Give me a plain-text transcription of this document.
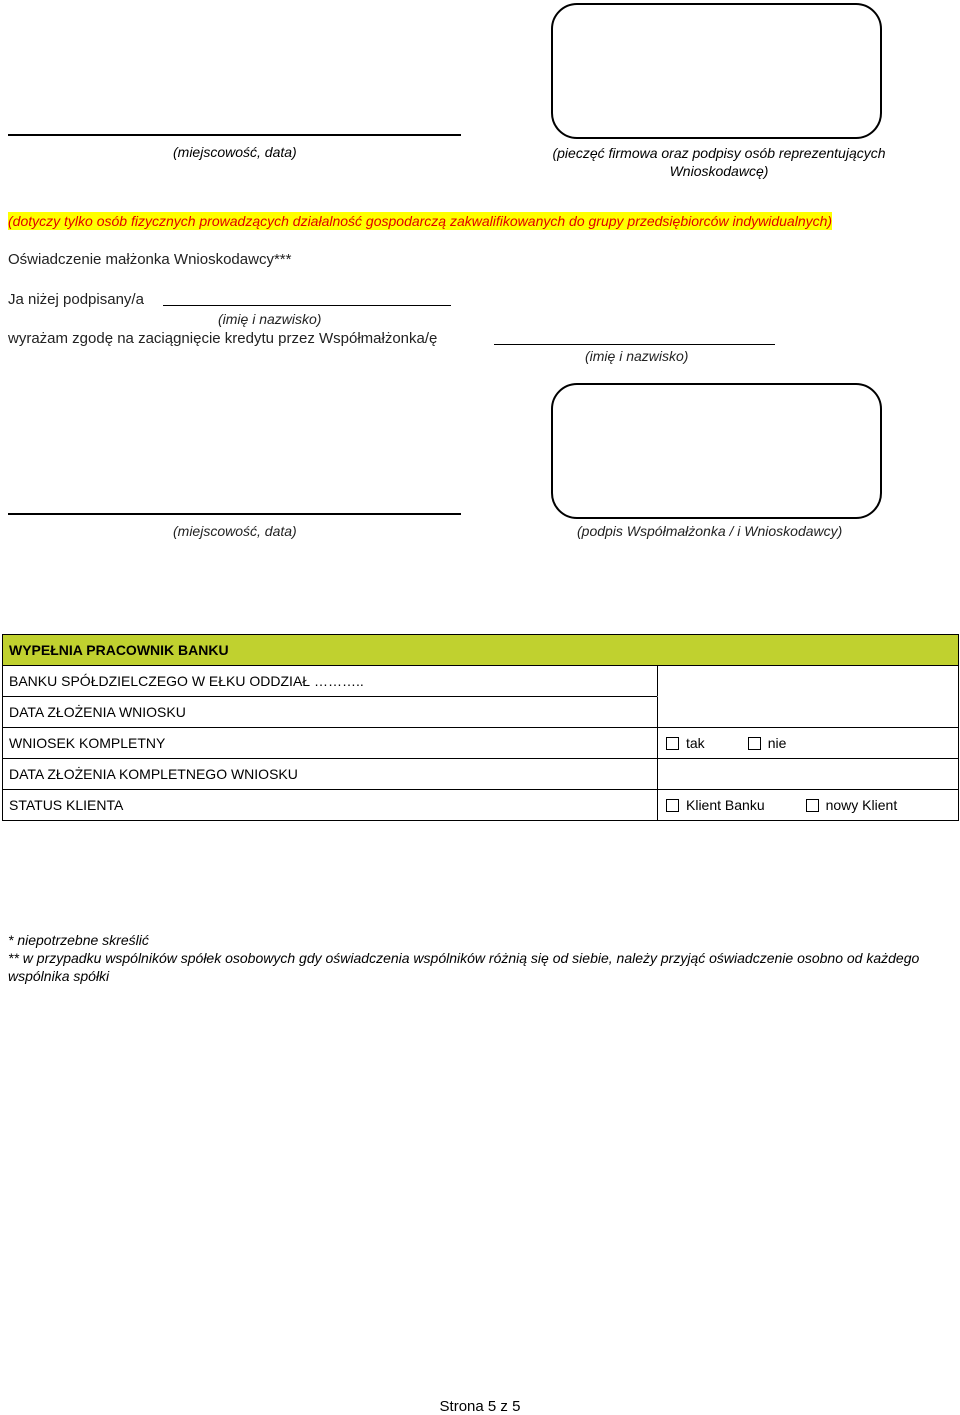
(miejscowość, data)	(pieczęć firmowa oraz podpisy osób reprezentujących Wnioskodawcę)
(dotyczy tylko osób fizycznych prowadzących działalność gospodarczą zakwalifikowanych do grupy przedsiębiorców indywidualnych)
Oświadczenie małżonka Wnioskodawcy***
Ja niżej podpisany/a
(imię i nazwisko)
wyrażam zgodę na zaciągnięcie kredytu przez Współmałżonka/ę
(imię i nazwisko)
(miejscowość, data)	(podpis Współmałżonka / i Wnioskodawcy)
WYPEŁNIA PRACOWNIK BANKU
BANKU SPÓŁDZIELCZEGO W EŁKU ODDZIAŁ ………..
DATA ZŁOŻENIA WNIOSKU
WNIOSEK KOMPLETNY	tak	nie
DATA ZŁOŻENIA KOMPLETNEGO WNIOSKU
STATUS KLIENTA	Klient Banku	nowy Klient
* niepotrzebne skreślić
** w przypadku wspólników spółek osobowych gdy oświadczenia wspólników różnią się od siebie, należy przyjąć oświadczenie osobno od każdego wspólnika spółki
Strona 5 z 5
